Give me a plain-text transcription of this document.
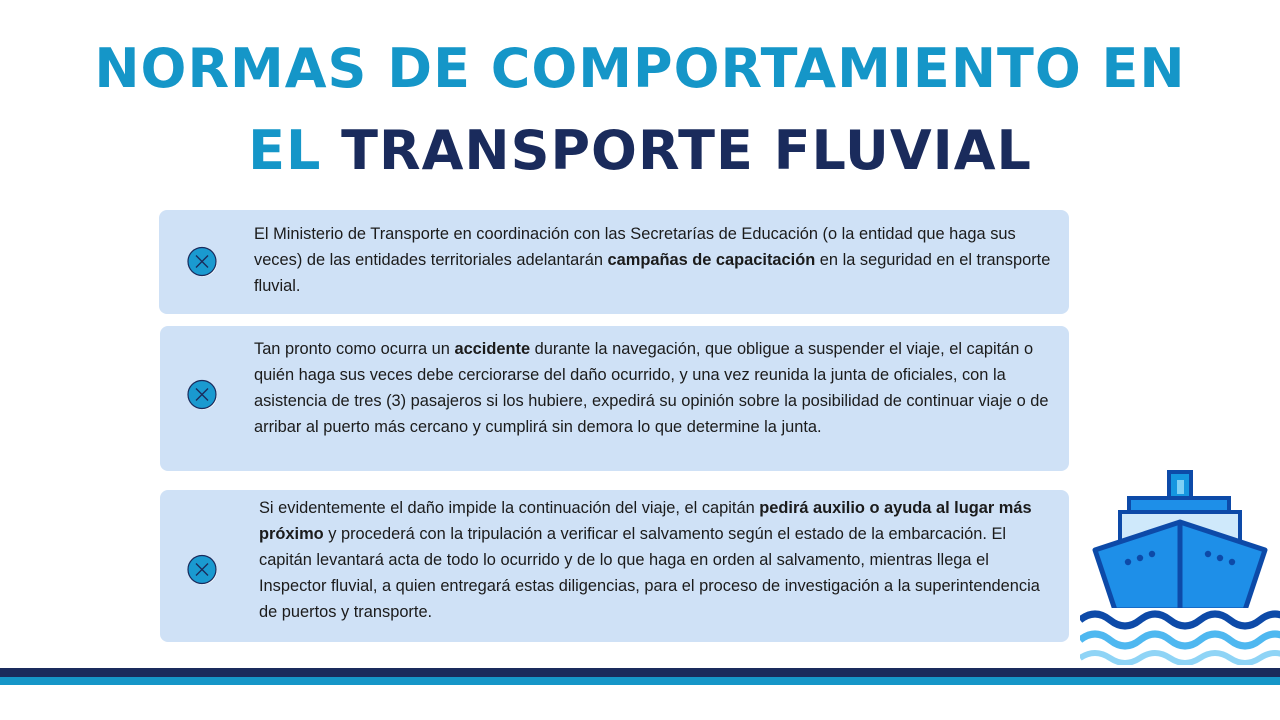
NORMAS DE COMPORTAMIENTO EN
EL TRANSPORTE FLUVIAL
El Ministerio de Transporte en coordinación con las Secretarías de Educación (o la entidad que haga sus veces) de las entidades territoriales adelantarán campañas de capacitación en la seguridad en el transporte fluvial.
Tan pronto como ocurra un accidente durante la navegación, que obligue a suspender el viaje, el capitán o quién haga sus veces debe cerciorarse del daño ocurrido, y una vez reunida la junta de oficiales, con la asistencia de tres (3) pasajeros si los hubiere, expedirá su opinión sobre la posibilidad de continuar viaje o de arribar al puerto más cercano y cumplirá sin demora lo que determine la junta.
Si evidentemente el daño impide la continuación del viaje, el capitán pedirá auxilio o ayuda al lugar más próximo y procederá con la tripulación a verificar el salvamento según el estado de la embarcación. El capitán levantará acta de todo lo ocurrido y de lo que haga en orden al salvamento, mientras llega el Inspector fluvial, a quien entregará estas diligencias, para el proceso de investigación a la superintendencia de puertos y transporte.
